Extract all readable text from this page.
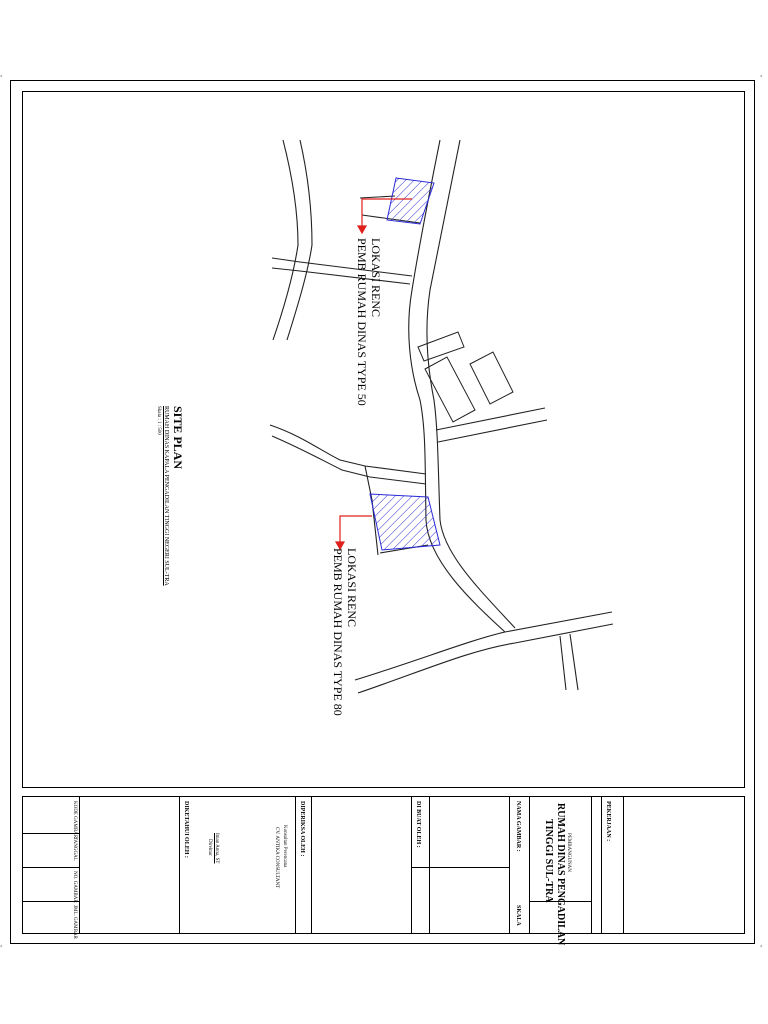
'	'
'	'
LOKASI RENC
PEMB RUMAH DINAS TYPE 50
LOKASI RENC
PEMB RUMAH DINAS TYPE 80
SITE PLAN
RUMAH DINAS KAPALA PENGADILAN TINGGI NEGERI SUL-TRA
Skala : 1 : 500
KODE GAMBAR
TANGGAL
NO. GAMBAR
JML. GAMBAR
DIKETAHUI OLEH :	Iman Anna, ST
Direktur	DIPERIKSA OLEH :
Konsultan Perencana
CV. ANTIKA CONSULTANT
DI BUAT OLEH :	NAMA GAMBAR :
SKALA
PEKERJAAN :
PEMBANGUNAN
RUMAH DINAS PENGADILAN
TINGGI SUL-TRA
